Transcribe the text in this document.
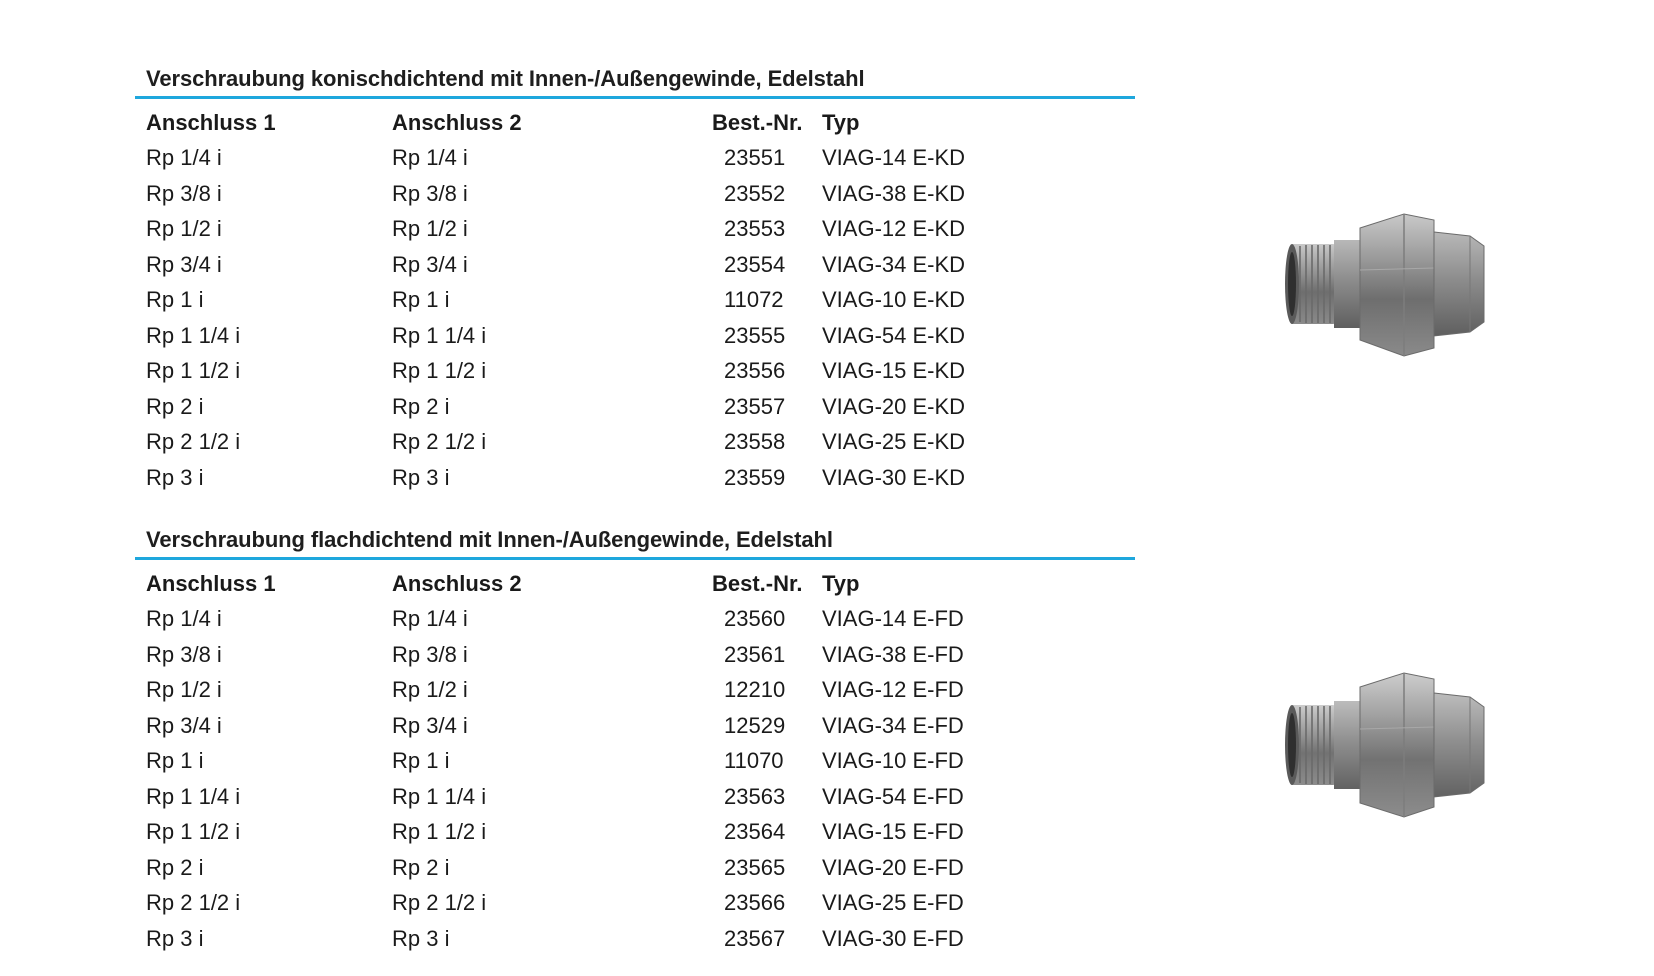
Verschraubung konischdichtend mit Innen-/Außengewinde, Edelstahl
Anschluss 1	Anschluss 2	Best.-Nr.	Typ
Rp 1/4 i	Rp 1/4 i	23551	VIAG-14 E-KD
Rp 3/8 i	Rp 3/8 i	23552	VIAG-38 E-KD
Rp 1/2 i	Rp 1/2 i	23553	VIAG-12 E-KD
Rp 3/4 i	Rp 3/4 i	23554	VIAG-34 E-KD
Rp 1 i	Rp 1 i	11072	VIAG-10 E-KD
Rp 1 1/4 i	Rp 1 1/4 i	23555	VIAG-54 E-KD
Rp 1 1/2 i	Rp 1 1/2 i	23556	VIAG-15 E-KD
Rp 2 i	Rp 2 i	23557	VIAG-20 E-KD
Rp 2 1/2 i	Rp 2 1/2 i	23558	VIAG-25 E-KD
Rp 3 i	Rp 3 i	23559	VIAG-30 E-KD
Verschraubung flachdichtend mit Innen-/Außengewinde, Edelstahl
Anschluss 1	Anschluss 2	Best.-Nr.	Typ
Rp 1/4 i	Rp 1/4 i	23560	VIAG-14 E-FD
Rp 3/8 i	Rp 3/8 i	23561	VIAG-38 E-FD
Rp 1/2 i	Rp 1/2 i	12210	VIAG-12 E-FD
Rp 3/4 i	Rp 3/4 i	12529	VIAG-34 E-FD
Rp 1 i	Rp 1 i	11070	VIAG-10 E-FD
Rp 1 1/4 i	Rp 1 1/4 i	23563	VIAG-54 E-FD
Rp 1 1/2 i	Rp 1 1/2 i	23564	VIAG-15 E-FD
Rp 2 i	Rp 2 i	23565	VIAG-20 E-FD
Rp 2 1/2 i	Rp 2 1/2 i	23566	VIAG-25 E-FD
Rp 3 i	Rp 3 i	23567	VIAG-30 E-FD
